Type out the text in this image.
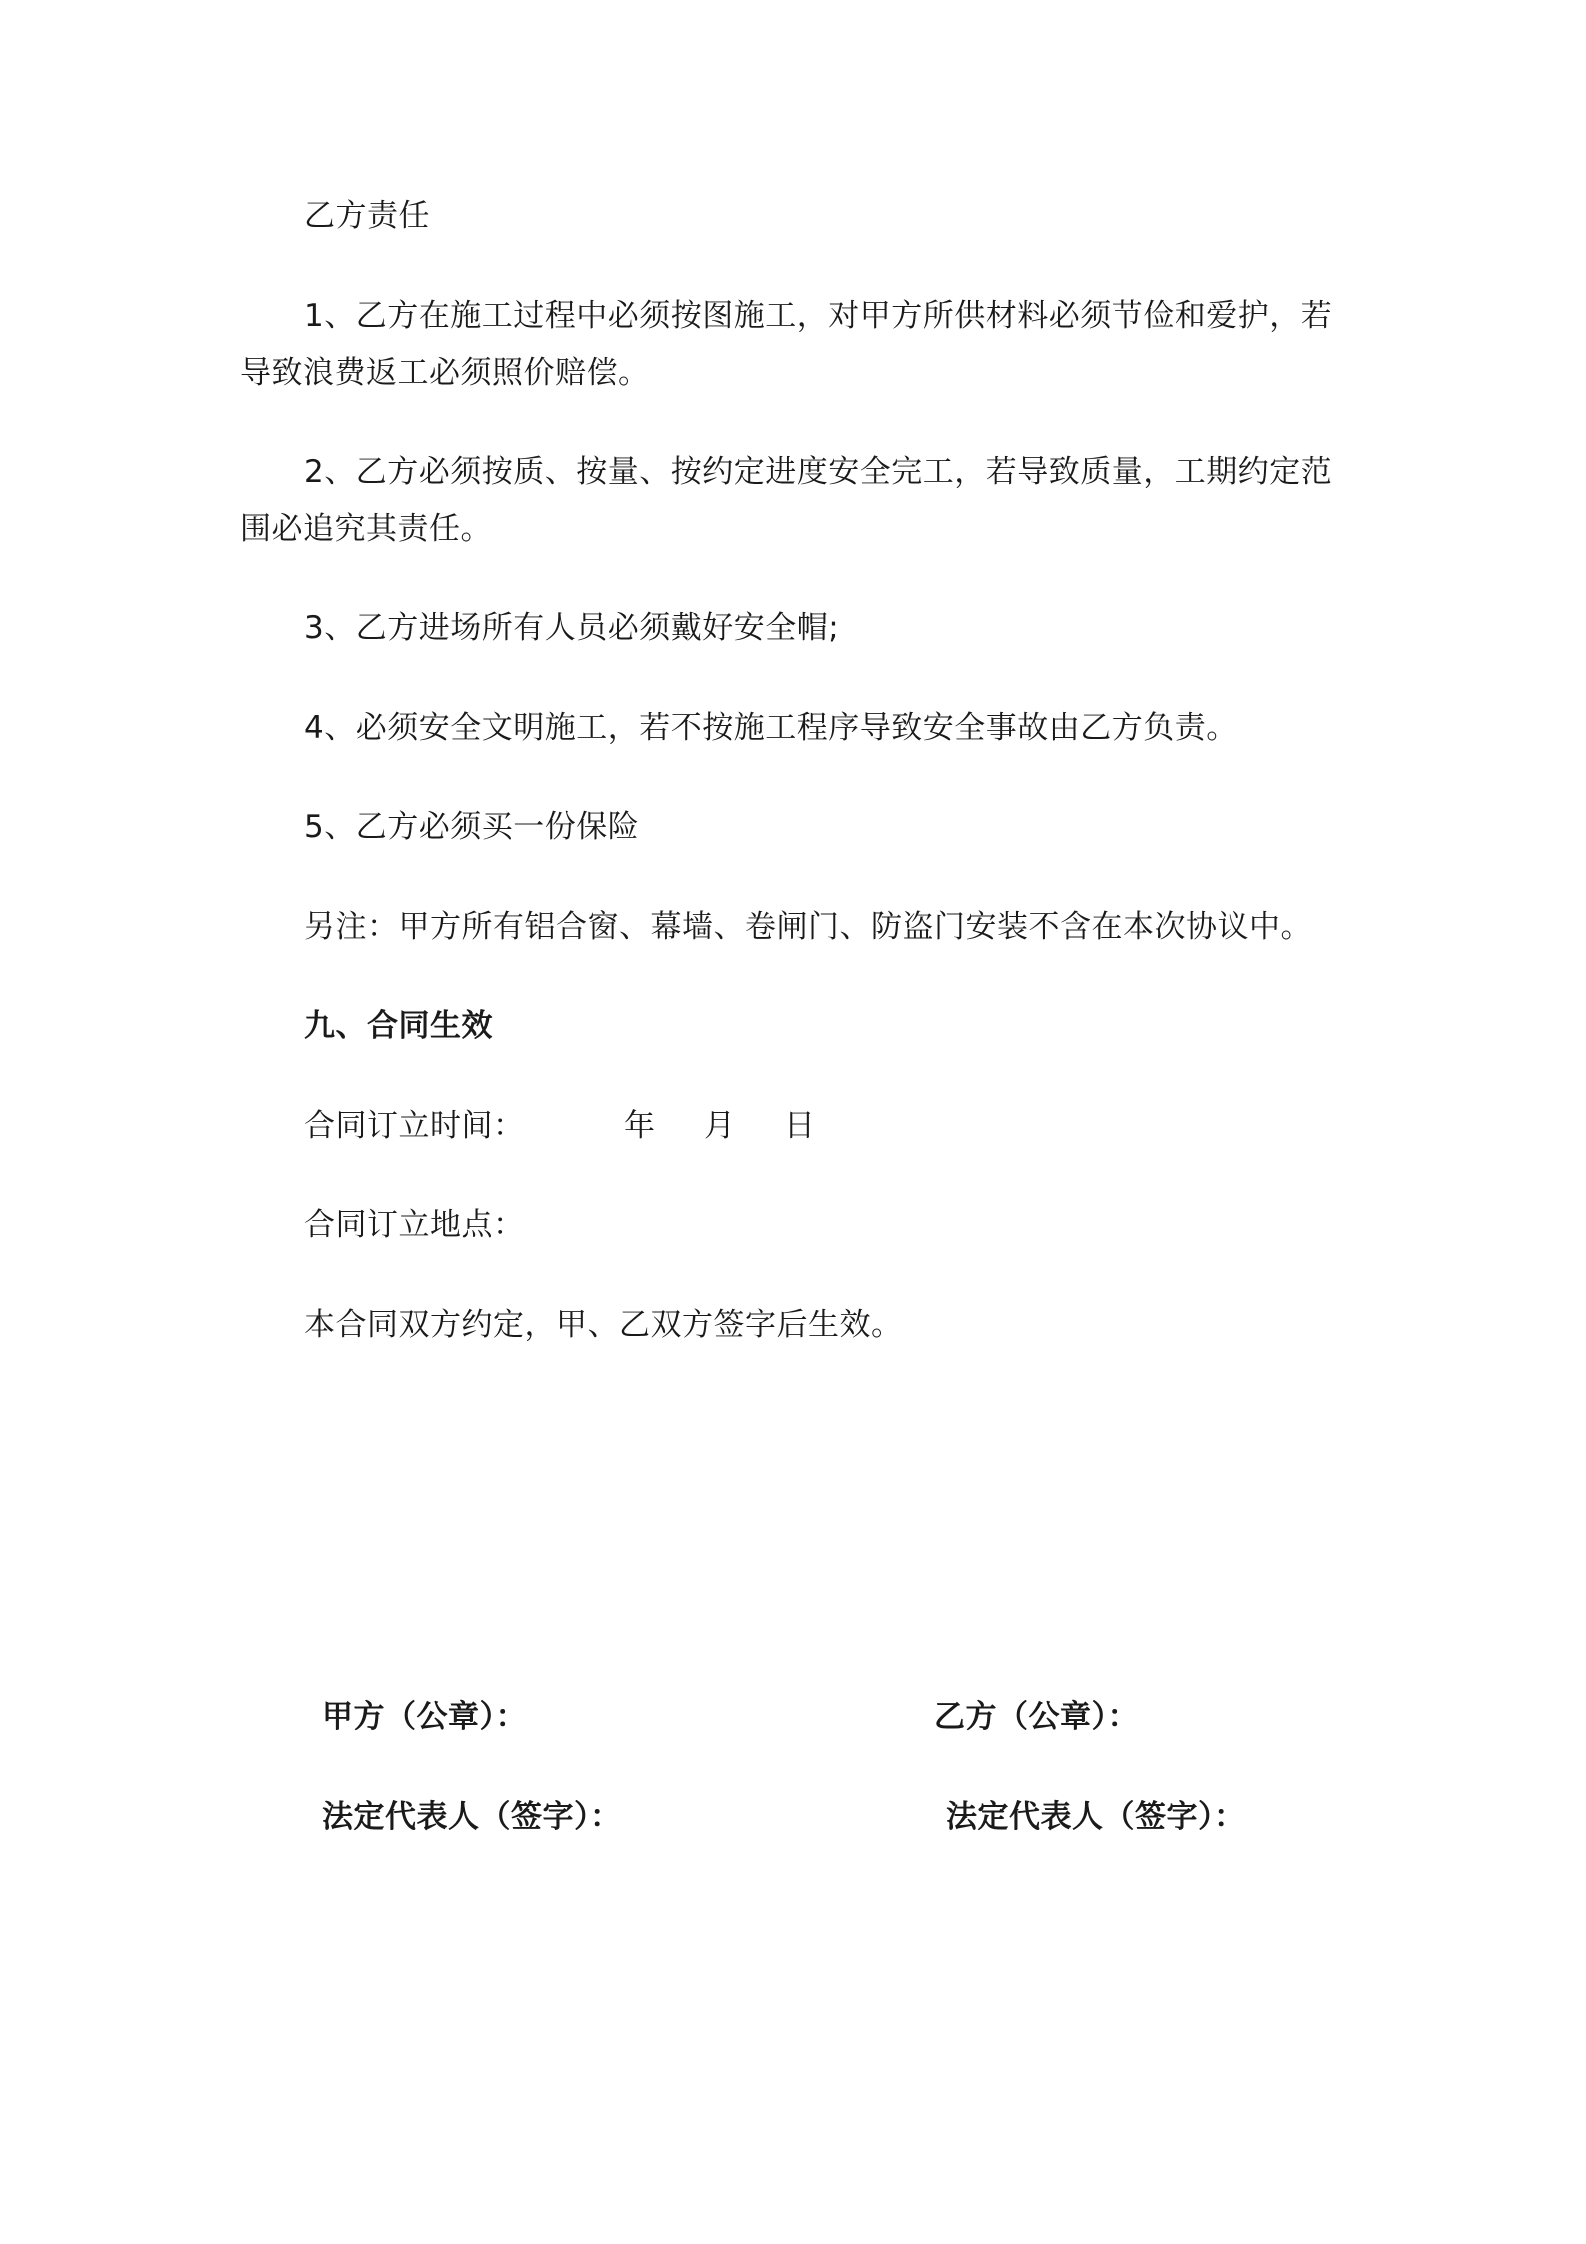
乙方责任
1、乙方在施工过程中必须按图施工，对甲方所供材料必须节俭和爱护，若
导致浪费返工必须照价赔偿。
2、乙方必须按质、按量、按约定进度安全完工，若导致质量，工期约定范
围必追究其责任。
3、乙方进场所有人员必须戴好安全帽;
4、必须安全文明施工，若不按施工程序导致安全事故由乙方负责。
5、乙方必须买一份保险
另注：甲方所有铝合窗、幕墙、卷闸门、防盗门安装不含在本次协议中。
九、合同生效
合同订立时间：	年 月 日
合同订立地点：
本合同双方约定，甲、乙双方签字后生效。
甲方（公章）：	乙方（公章）：
法定代表人（签字）：	法定代表人（签字）：
